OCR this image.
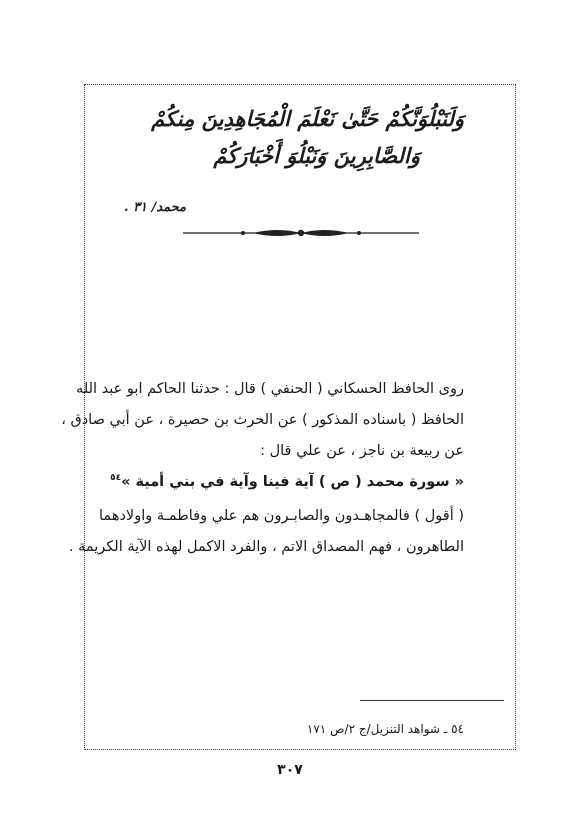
وَلَنَبْلُوَنَّكُمْ حَتَّىٰ نَعْلَمَ الْمُجَاهِدِينَ مِنكُمْ
وَالصَّابِرِينَ وَنَبْلُوَ أَخْبَارَكُمْ
محمد/ ٣١ .
روى الحافظ الحسكاني ( الحنفي ) قال : حدثنا الحاكم ابو عبد الله
الحافظ ( باسناده المذكور ) عن الحرث بن حصيرة ، عن أبي صادق ،
عن ربيعة بن ناجز ، عن علي قال :
« سورة محمد ( ص ) آية فينا وآية في بني أمية »$^{٥٤}$
( أقول ) فالمجاهـدون والصابـرون هم علي وفاطمـة واولادهما
الطاهرون ، فهم المصداق الاتم ، والفرد الاكمل لهذه الآية الكريمة .
٥٤ ـ شواهد التنزيل/ج ٢/ص ١٧١
٣٠٧
